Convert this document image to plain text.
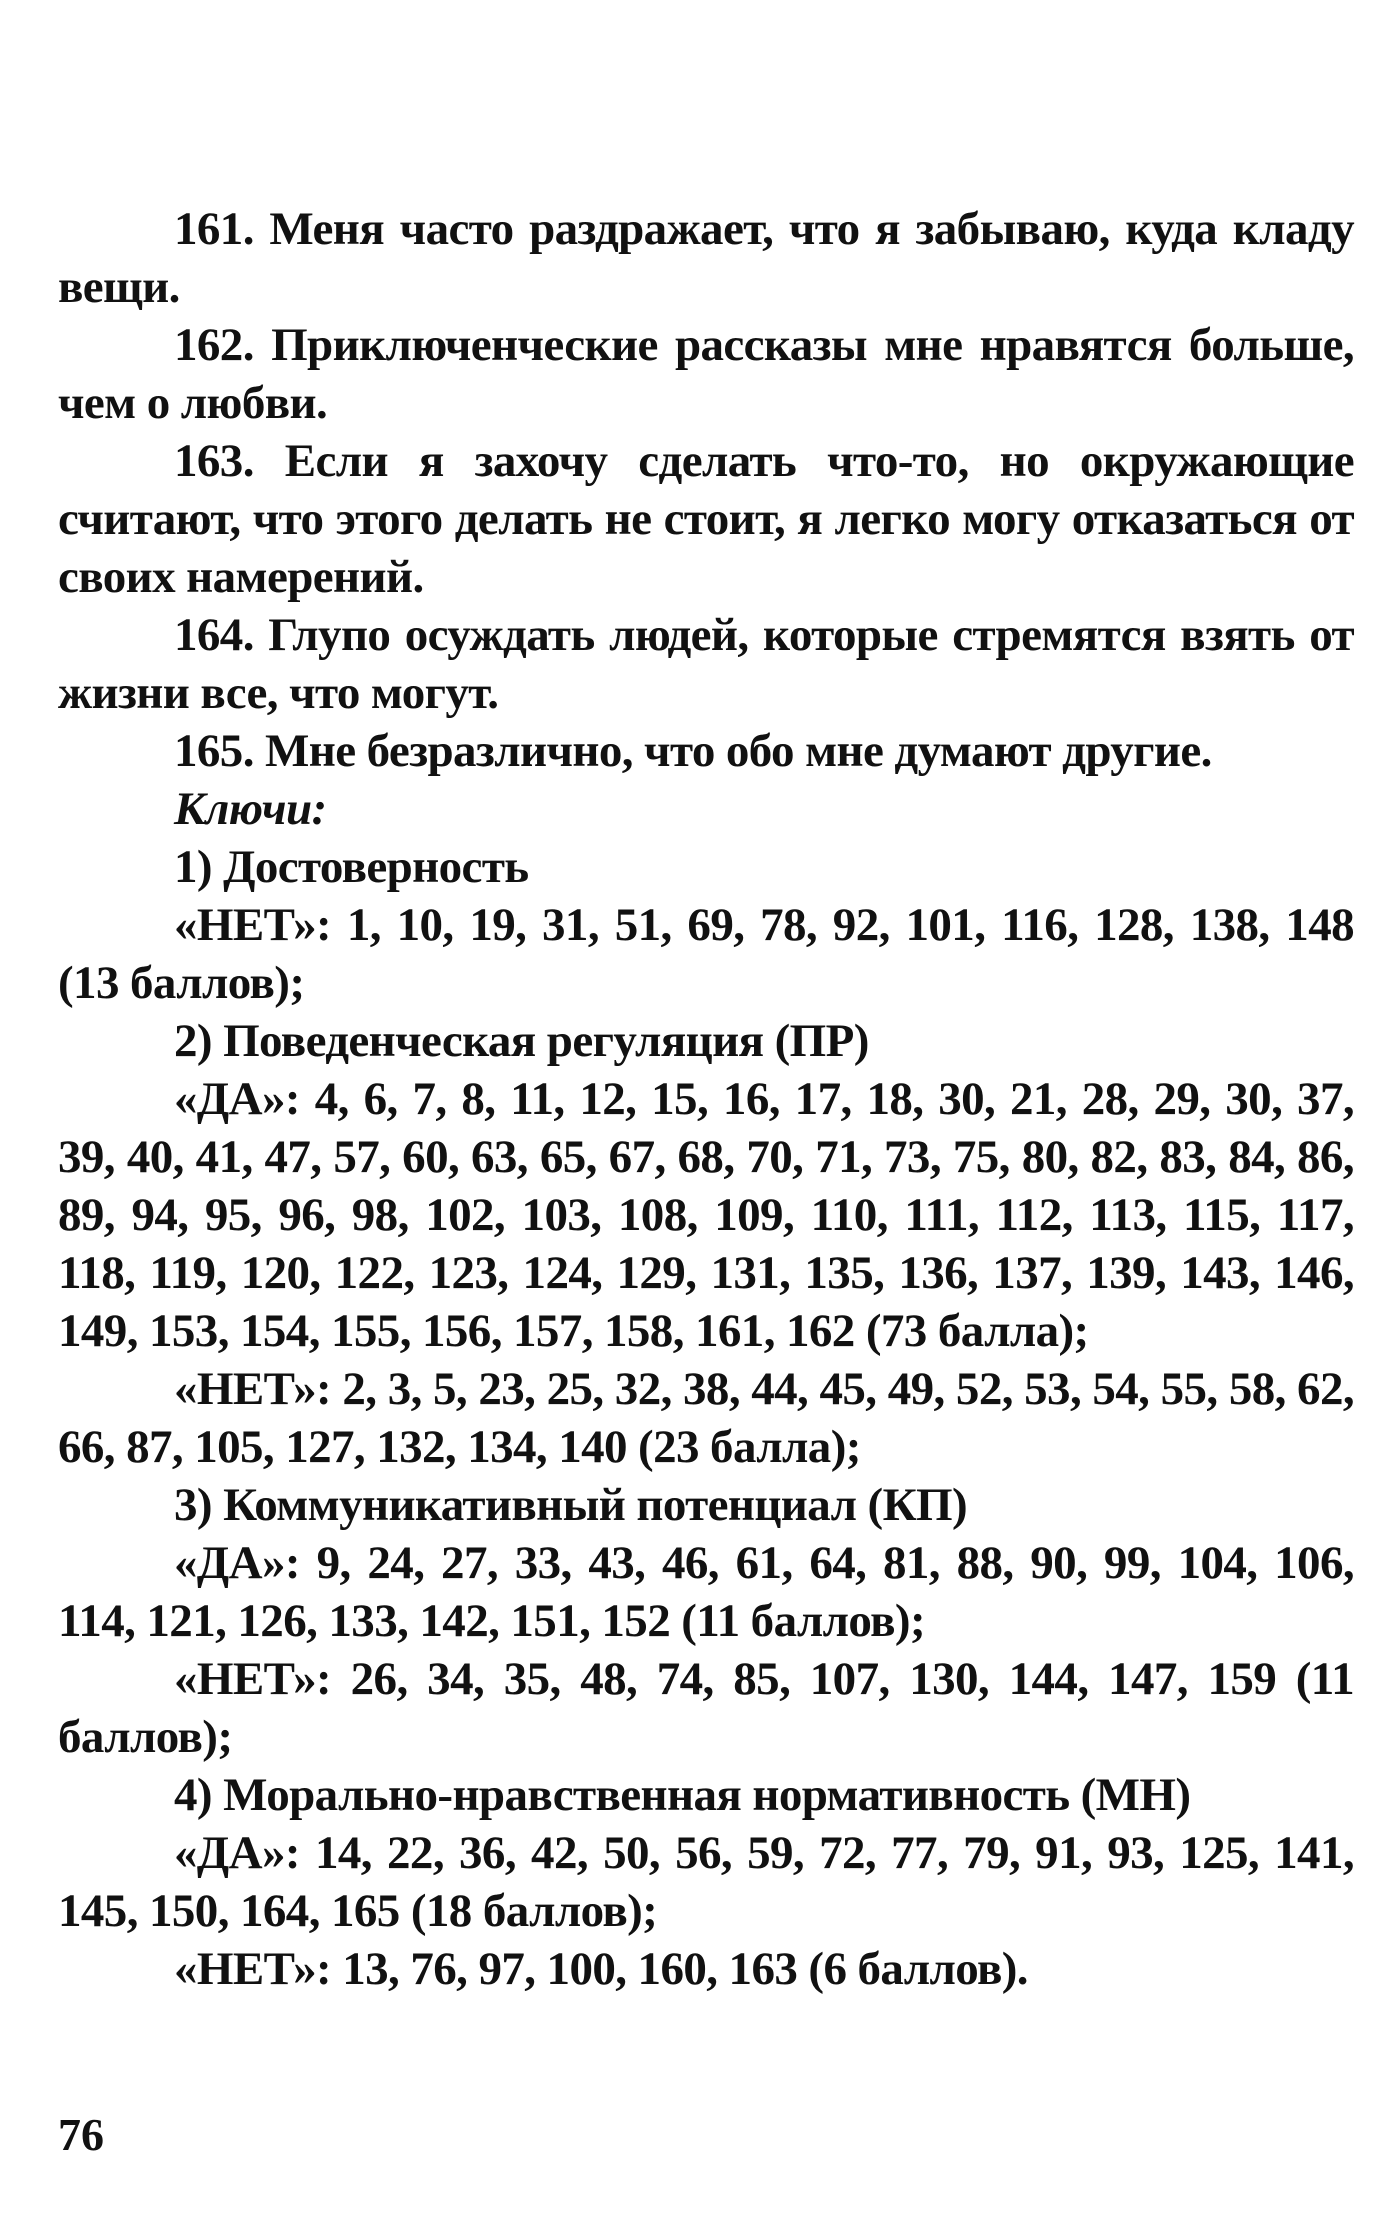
161. Меня часто раздражает, что я забываю, куда кладу вещи.

162. Приключенческие рассказы мне нравятся больше, чем о любви.

163. Если я захочу сделать что-то, но окружающие считают, что этого делать не стоит, я легко могу отказаться от своих намерений.

164. Глупо осуждать людей, которые стремятся взять от жизни все, что могут.

165. Мне безразлично, что обо мне думают другие.

Ключи:

1) Достоверность

«НЕТ»: 1, 10, 19, 31, 51, 69, 78, 92, 101, 116, 128, 138, 148 (13 баллов);

2) Поведенческая регуляция (ПР)

«ДА»: 4, 6, 7, 8, 11, 12, 15, 16, 17, 18, 30, 21, 28, 29, 30, 37, 39, 40, 41, 47, 57, 60, 63, 65, 67, 68, 70, 71, 73, 75, 80, 82, 83, 84, 86, 89, 94, 95, 96, 98, 102, 103, 108, 109, 110, 111, 112, 113, 115, 117, 118, 119, 120, 122, 123, 124, 129, 131, 135, 136, 137, 139, 143, 146, 149, 153, 154, 155, 156, 157, 158, 161, 162 (73 балла);

«НЕТ»: 2, 3, 5, 23, 25, 32, 38, 44, 45, 49, 52, 53, 54, 55, 58, 62, 66, 87, 105, 127, 132, 134, 140 (23 балла);

3) Коммуникативный потенциал (КП)

«ДА»: 9, 24, 27, 33, 43, 46, 61, 64, 81, 88, 90, 99, 104, 106, 114, 121, 126, 133, 142, 151, 152 (11 баллов);

«НЕТ»: 26, 34, 35, 48, 74, 85, 107, 130, 144, 147, 159 (11 баллов);

4) Морально-нравственная нормативность (МН)

«ДА»: 14, 22, 36, 42, 50, 56, 59, 72, 77, 79, 91, 93, 125, 141, 145, 150, 164, 165 (18 баллов);

«НЕТ»: 13, 76, 97, 100, 160, 163 (6 баллов).

76
